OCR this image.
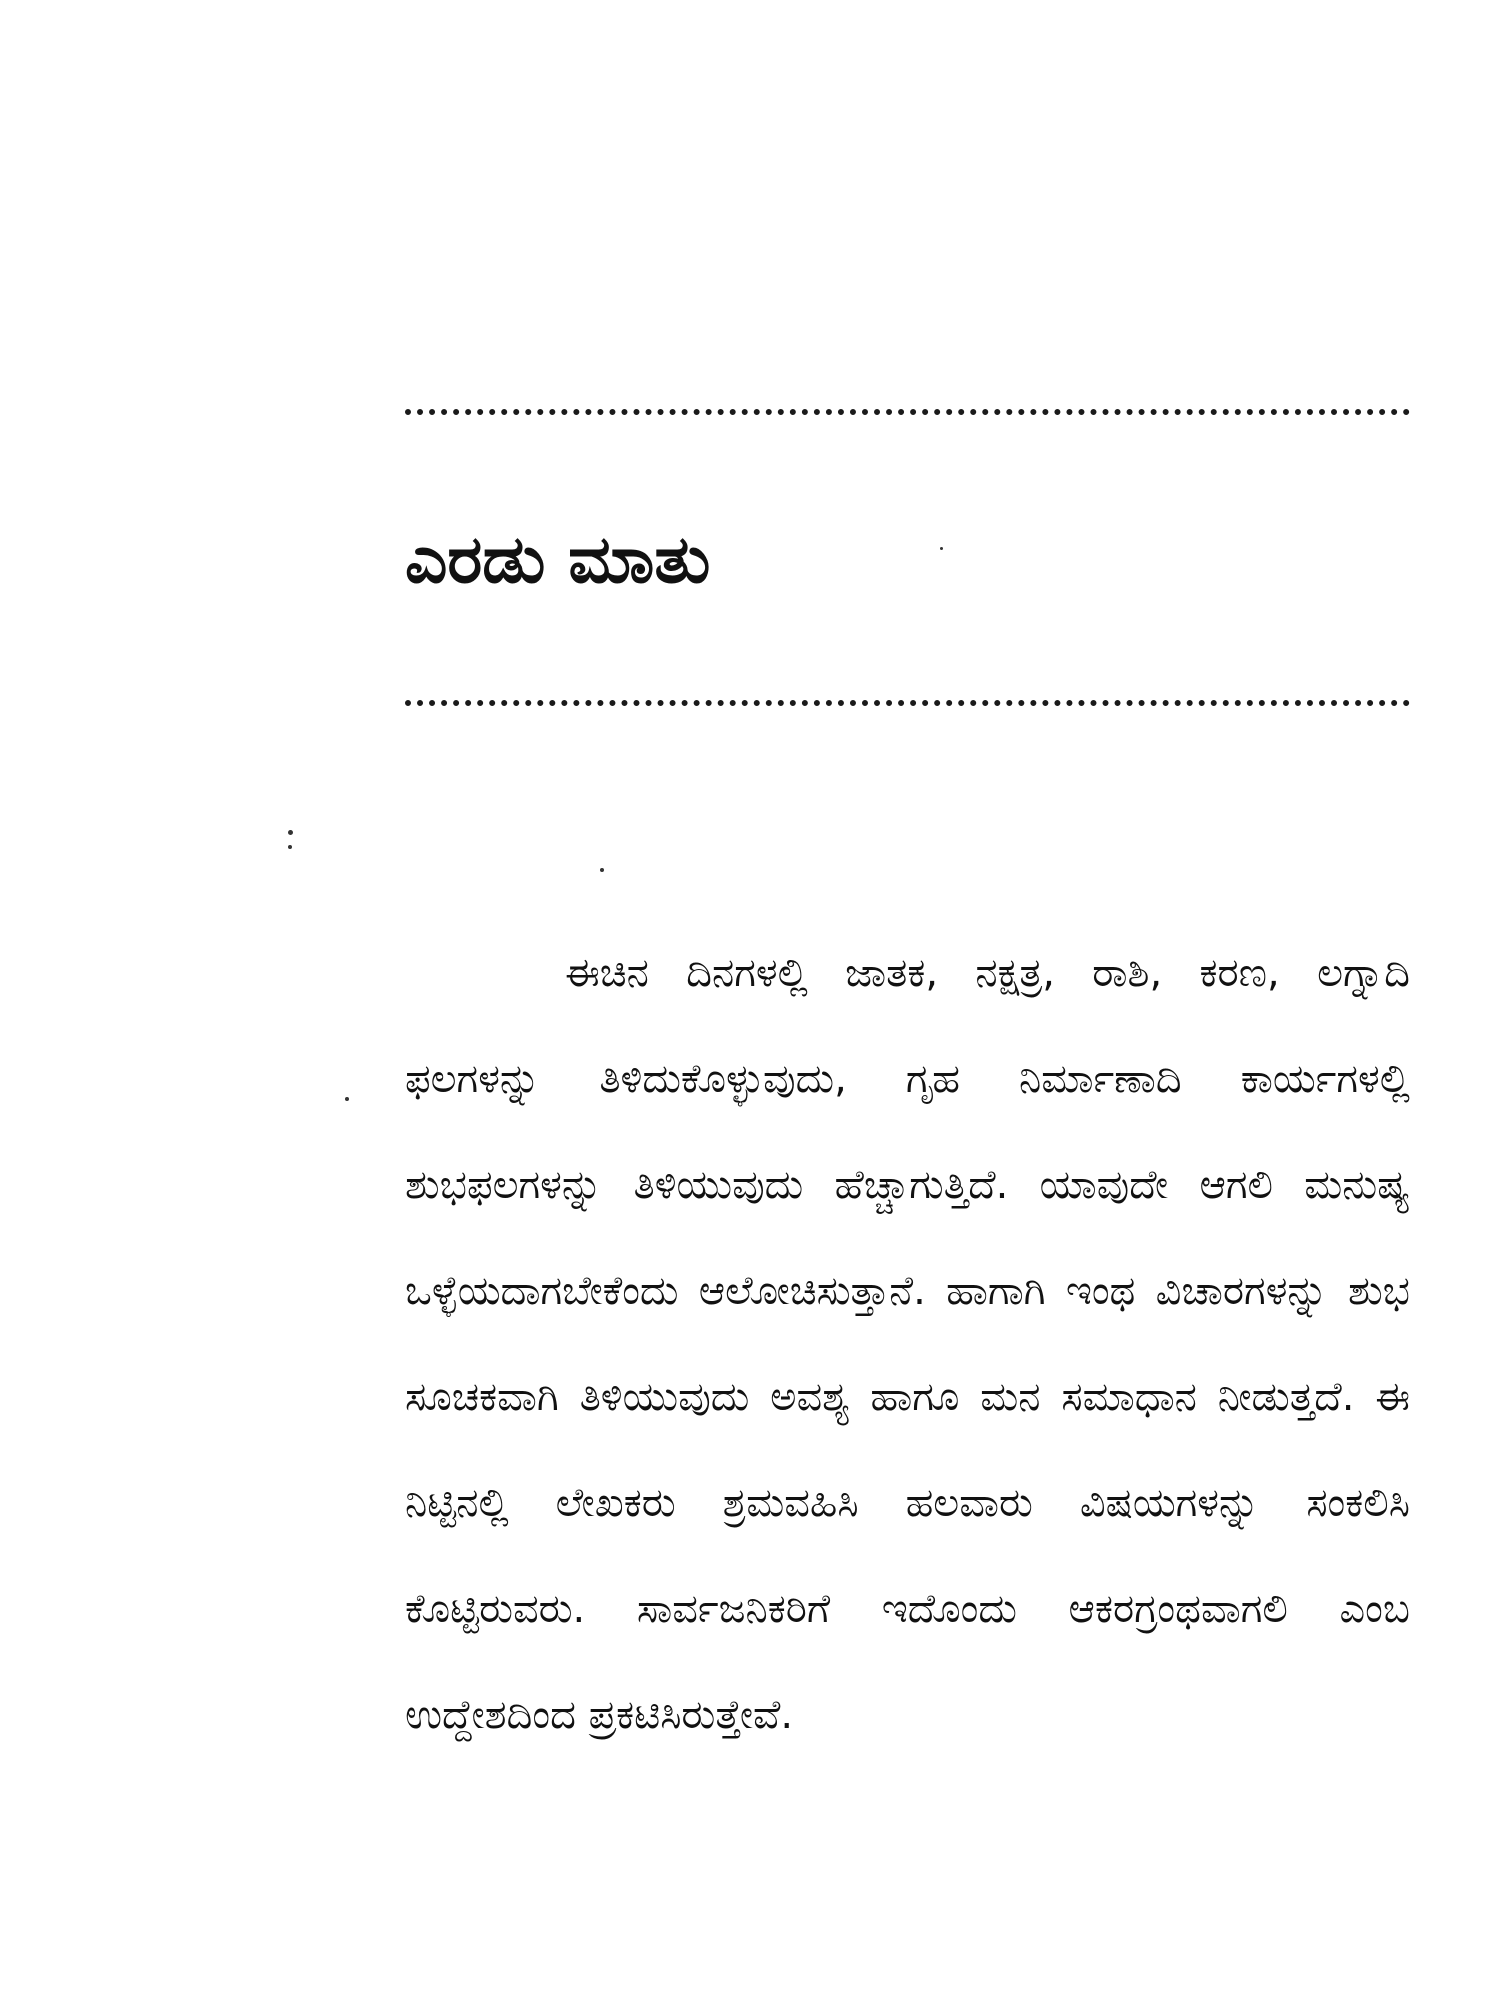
ಎರಡು ಮಾತು

ಈಚಿನ ದಿನಗಳಲ್ಲಿ ಜಾತಕ, ನಕ್ಷತ್ರ, ರಾಶಿ, ಕರಣ, ಲಗ್ನಾದಿ ಫಲಗಳನ್ನು ತಿಳಿದುಕೊಳ್ಳುವುದು, ಗೃಹ ನಿರ್ಮಾಣಾದಿ ಕಾರ್ಯಗಳಲ್ಲಿ ಶುಭಫಲಗಳನ್ನು ತಿಳಿಯುವುದು ಹೆಚ್ಚಾಗುತ್ತಿದೆ. ಯಾವುದೇ ಆಗಲಿ ಮನುಷ್ಯ ಒಳ್ಳೆಯದಾಗಬೇಕೆಂದು ಆಲೋಚಿಸುತ್ತಾನೆ. ಹಾಗಾಗಿ ಇಂಥ ವಿಚಾರಗಳನ್ನು ಶುಭ ಸೂಚಕವಾಗಿ ತಿಳಿಯುವುದು ಅವಶ್ಯ ಹಾಗೂ ಮನ ಸಮಾಧಾನ ನೀಡುತ್ತದೆ. ಈ ನಿಟ್ಟಿನಲ್ಲಿ ಲೇಖಕರು ಶ್ರಮವಹಿಸಿ ಹಲವಾರು ವಿಷಯಗಳನ್ನು ಸಂಕಲಿಸಿ ಕೊಟ್ಟಿರುವರು. ಸಾರ್ವಜನಿಕರಿಗೆ ಇದೊಂದು ಆಕರಗ್ರಂಥವಾಗಲಿ ಎಂಬ ಉದ್ದೇಶದಿಂದ ಪ್ರಕಟಿಸಿರುತ್ತೇವೆ.
